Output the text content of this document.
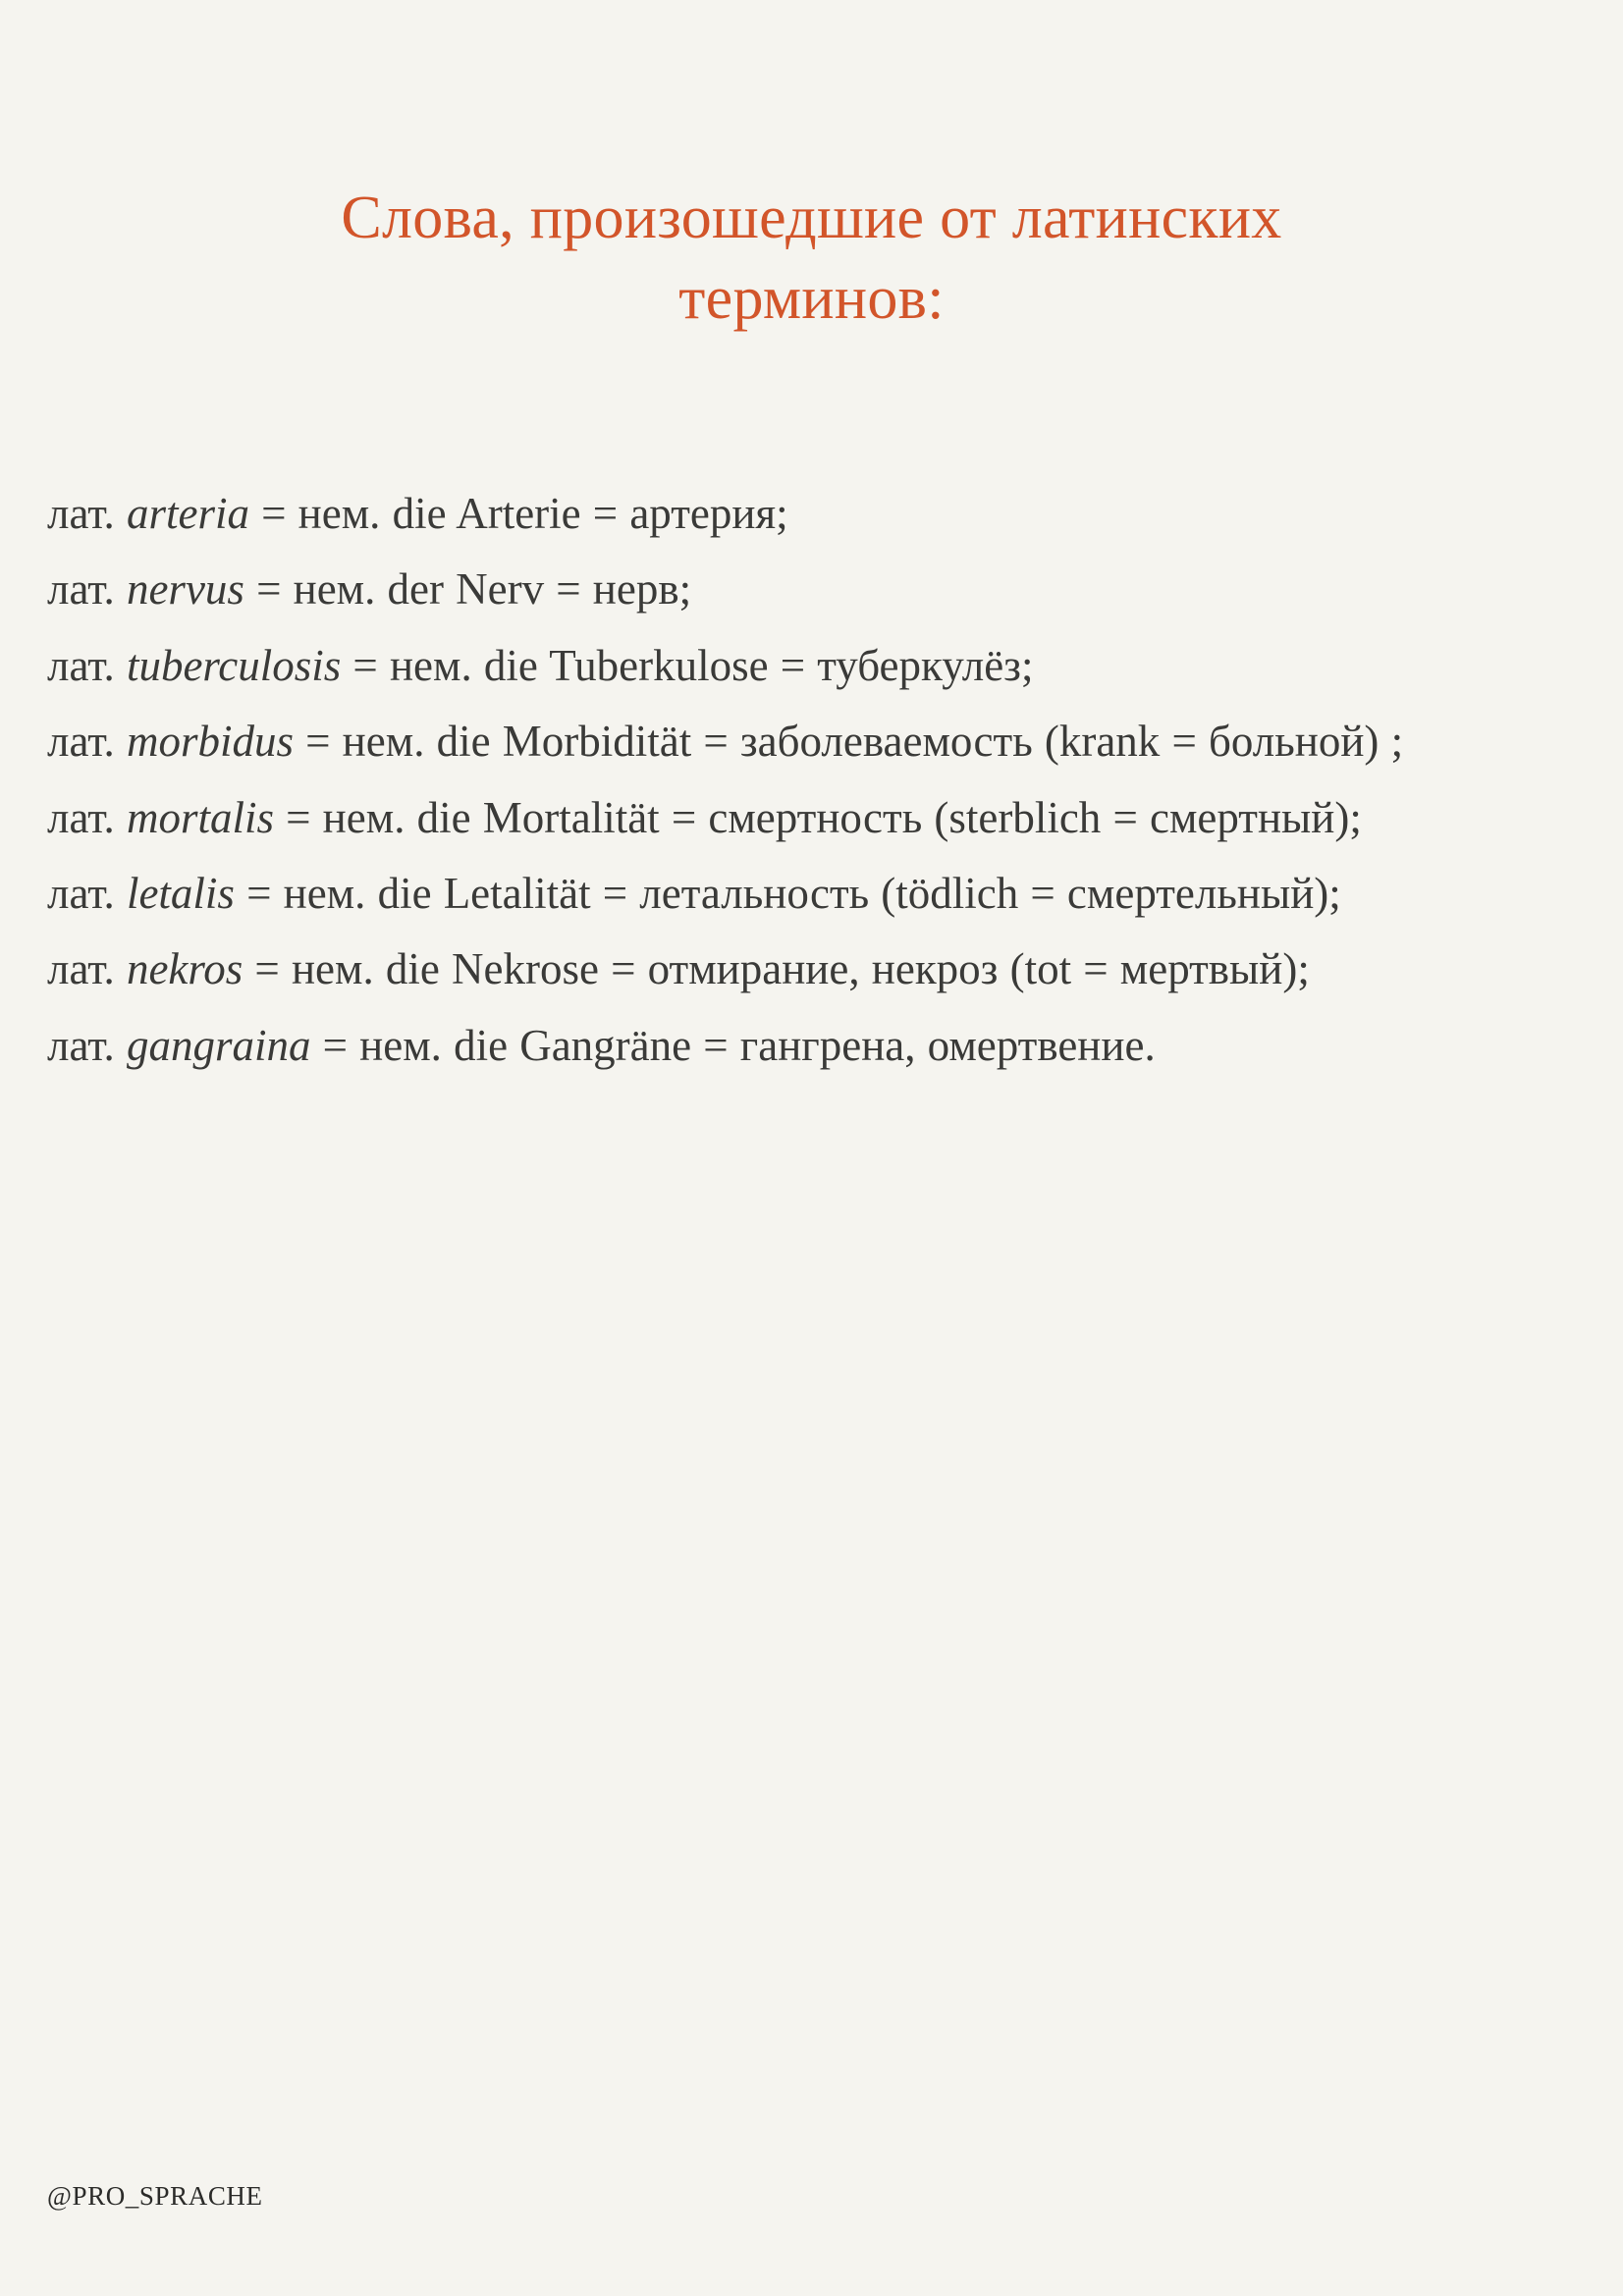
Слова, произошедшие от латинских
терминов:

лат. arteria = нем. die Arterie = артерия;

лат. nervus = нем. der Nerv = нерв;

лат. tuberculosis = нем. die Tuberkulose = туберкулёз;

лат. morbidus = нем. die Morbidität = заболеваемость (krank = больной) ;

лат. mortalis = нем. die Mortalität = смертность (sterblich = смертный);

лат. letalis = нем. die Letalität = летальность (tödlich = смертельный);

лат. nekros = нем. die Nekrose = отмирание, некроз (tot = мертвый);

лат. gangraina = нем. die Gangräne = гангрена, омертвение.

@PRO_SPRACHE
